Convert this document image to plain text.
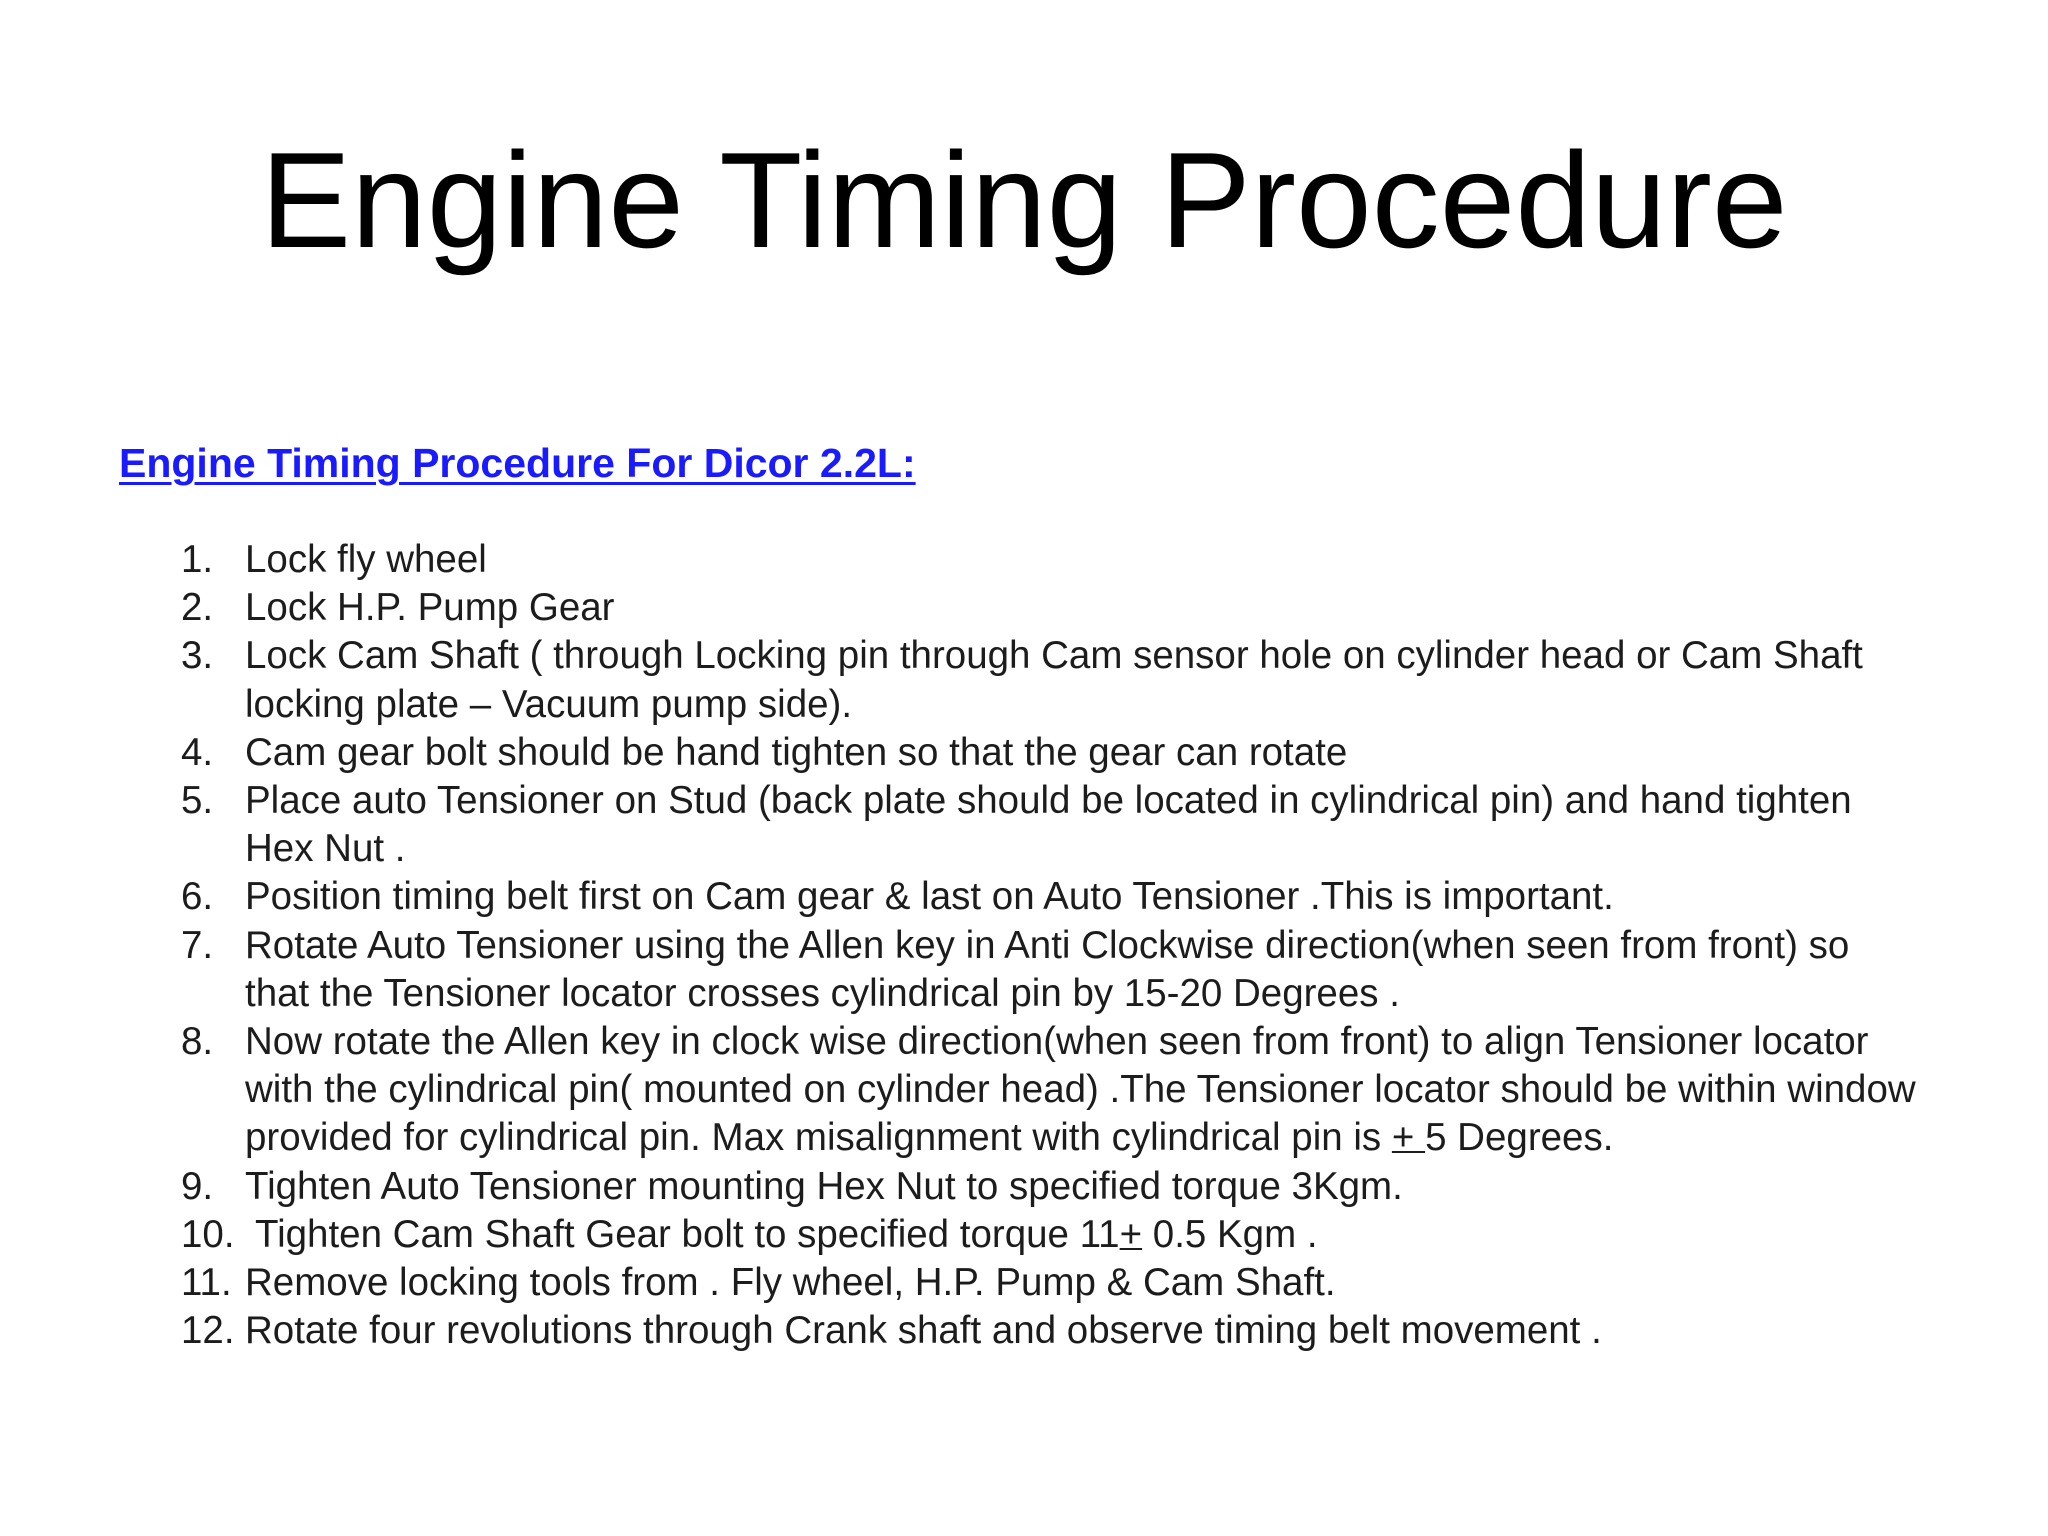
Engine Timing Procedure
Engine Timing Procedure For Dicor 2.2L:
1. Lock fly wheel
2. Lock H.P. Pump Gear
3. Lock Cam Shaft ( through Locking pin through Cam sensor hole on cylinder head or Cam Shaft locking plate – Vacuum pump side).
4. Cam gear bolt should be hand tighten so that the gear can rotate
5. Place auto Tensioner on Stud (back plate should be located in cylindrical pin) and hand tighten Hex Nut .
6. Position timing belt first on Cam gear & last on Auto Tensioner .This is important.
7. Rotate Auto Tensioner using the Allen key in Anti Clockwise direction(when seen from front) so that the Tensioner locator crosses cylindrical pin by 15-20 Degrees .
8. Now rotate the Allen key in clock wise direction(when seen from front) to align Tensioner locator with the cylindrical pin( mounted on cylinder head) .The Tensioner locator should be within window provided for cylindrical pin. Max misalignment with cylindrical pin is + 5 Degrees.
9. Tighten Auto Tensioner mounting Hex Nut to specified torque 3Kgm.
10. Tighten Cam Shaft Gear bolt to specified torque 11+ 0.5 Kgm .
11. Remove locking tools from . Fly wheel, H.P. Pump & Cam Shaft.
12. Rotate four revolutions through Crank shaft and observe timing belt movement .
